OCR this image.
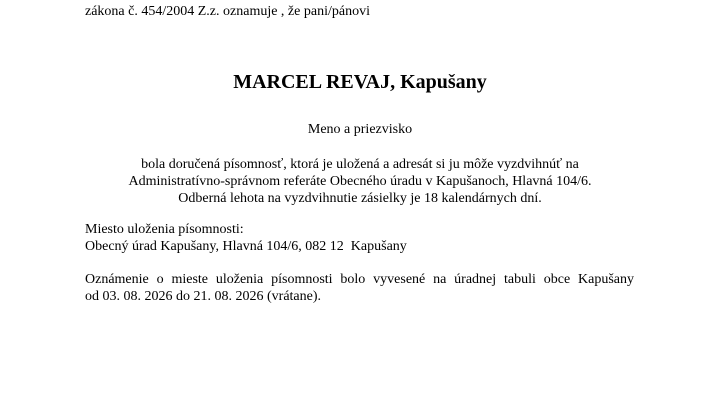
zákona č. 454/2004 Z.z. oznamuje , že pani/pánovi
MARCEL REVAJ, Kapušany
Meno a priezvisko
bola doručená písomnosť, ktorá je uložená a adresát si ju môže vyzdvihnúť na
Administratívno-správnom referáte Obecného úradu v Kapušanoch, Hlavná 104/6.
Odberná lehota na vyzdvihnutie zásielky je 18 kalendárnych dní.
Miesto uloženia písomnosti:
Obecný úrad Kapušany, Hlavná 104/6, 082 12  Kapušany
Oznámenie o mieste uloženia písomnosti bolo vyvesené na úradnej tabuli obce Kapušany
od 03. 08. 2026 do 21. 08. 2026 (vrátane).
